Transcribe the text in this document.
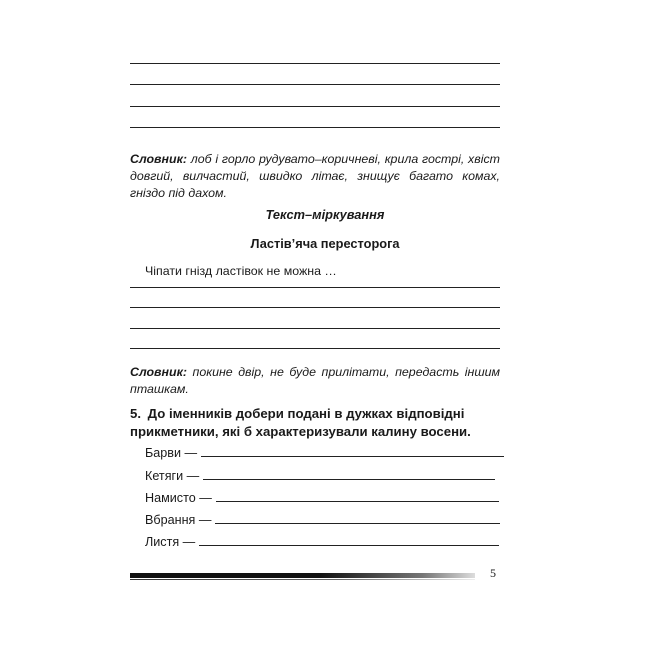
Словник: лоб і горло рудувато–коричневі, крила гострі, хвіст довгий, вилчастий, швидко літає, знищує багато комах, гніздо під дахом.
Текст–міркування
Ластів’яча пересторога
Чіпати гнізд ластівок не можна …
Словник: покине двір, не буде прилітати, передасть іншим пташкам.
5. До іменників добери подані в дужках відповідні прикметники, які б характеризували калину восени.
Барви —
Кетяги —
Намисто —
Вбрання —
Листя —
5
